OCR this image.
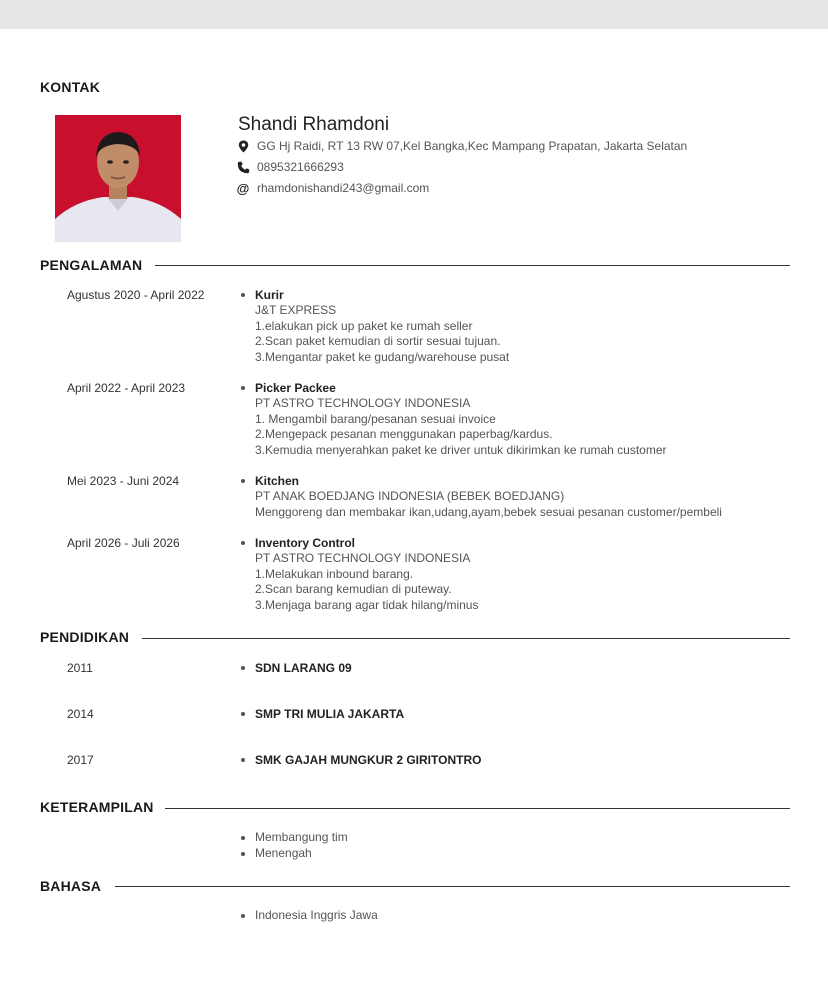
KONTAK
Shandi Rhamdoni
GG Hj Raidi, RT 13 RW 07,Kel Bangka,Kec Mampang Prapatan, Jakarta Selatan
0895321666293
@ rhamdonishandi243@gmail.com
PENGALAMAN
Agustus 2020 - April 2022	Kurir
J&T EXPRESS
1.elakukan pick up paket ke rumah seller
2.Scan paket kemudian di sortir sesuai tujuan.
3.Mengantar paket ke gudang/warehouse pusat
April 2022 - April 2023	Picker Packee
PT ASTRO TECHNOLOGY INDONESIA
1. Mengambil barang/pesanan sesuai invoice
2.Mengepack pesanan menggunakan paperbag/kardus.
3.Kemudia menyerahkan paket ke driver untuk dikirimkan ke rumah customer
Mei 2023 - Juni 2024	Kitchen
PT ANAK BOEDJANG INDONESIA (BEBEK BOEDJANG)
Menggoreng dan membakar ikan,udang,ayam,bebek sesuai pesanan customer/pembeli
April 2026 - Juli 2026	Inventory Control
PT ASTRO TECHNOLOGY INDONESIA
1.Melakukan inbound barang.
2.Scan barang kemudian di puteway.
3.Menjaga barang agar tidak hilang/minus
PENDIDIKAN
2011	SDN LARANG 09
2014	SMP TRI MULIA JAKARTA
2017	SMK GAJAH MUNGKUR 2 GIRITONTRO
KETERAMPILAN
Membangung tim
Menengah
BAHASA
Indonesia Inggris Jawa
